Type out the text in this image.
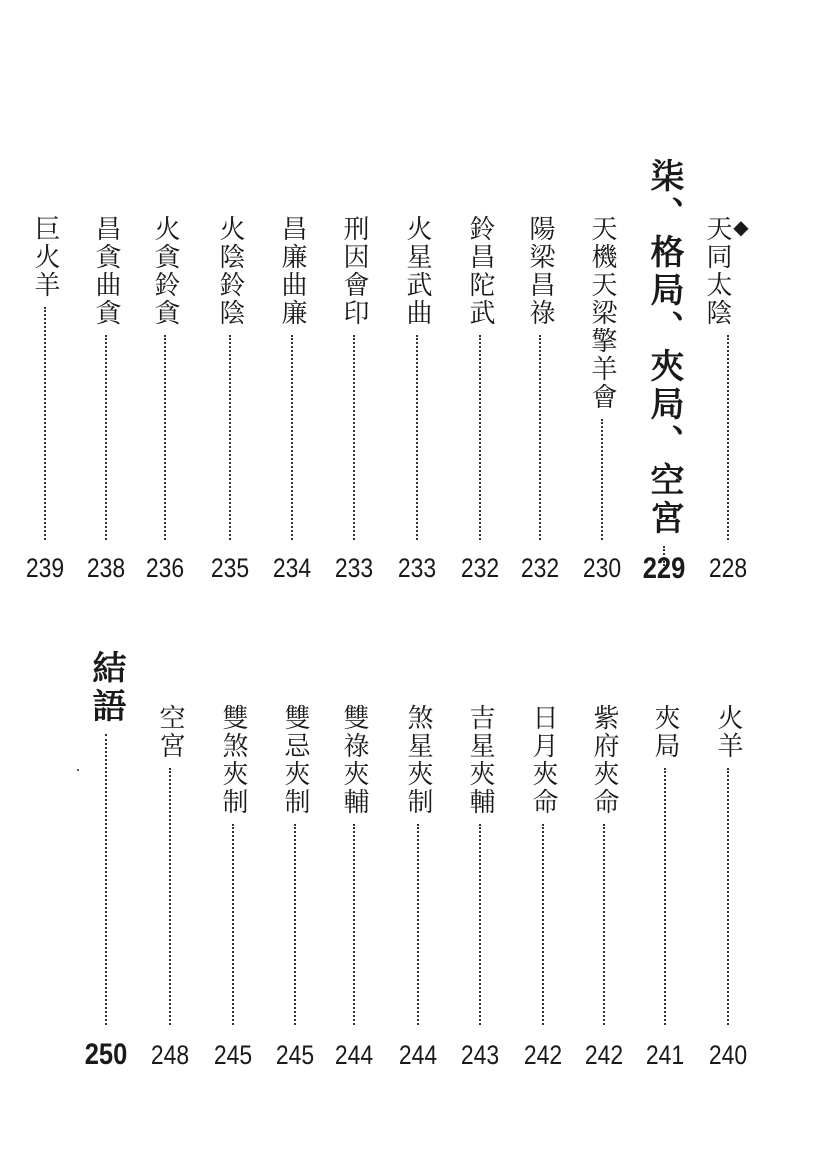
◆ 天同太陰
228
柒、格局、夾局、空宮
229
天機天梁擎羊會
230
陽梁昌祿
232
鈴昌陀武
232
火星武曲
233
刑因會印
233
昌廉曲廉
234
火陰鈴陰
235
火貪鈴貪
236
昌貪曲貪
238
巨火羊
239
火羊
240
夾局
241
紫府夾命
242
日月夾命
242
吉星夾輔
243
煞星夾制
244
雙祿夾輔
244
雙忌夾制
245
雙煞夾制
245
空宮
248
結語
250
